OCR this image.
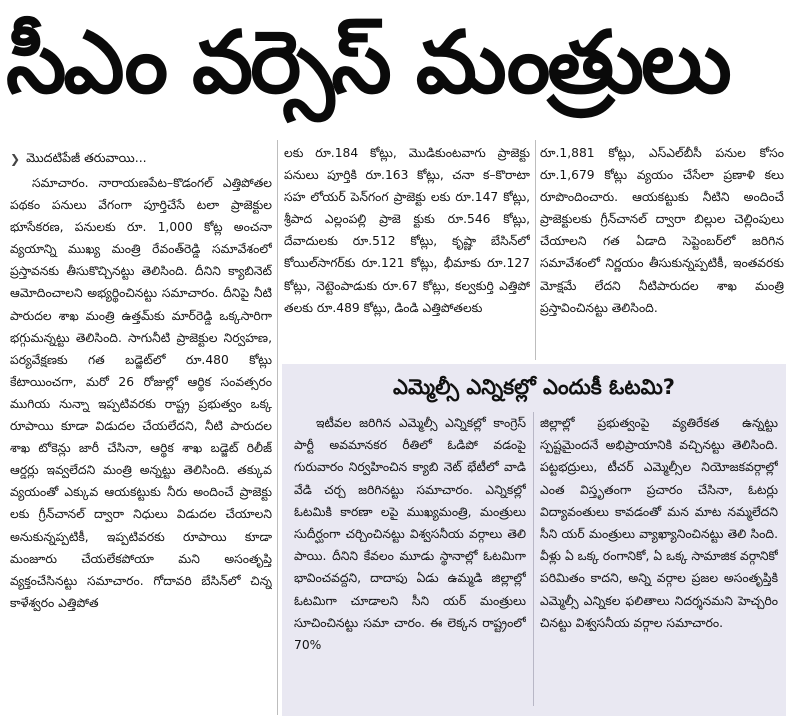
సీఎం వర్సెస్ మంత్రులు
❯ మొదటిపేజీ తరువాయి...

సమాచారం. నారాయణపేట–కొడంగల్ ఎత్తిపోతల పథకం పనులు వేగంగా పూర్తిచేసే టలా ప్రాజెక్టుల భూసేకరణ, పనులకు రూ. 1,000 కోట్ల అంచనా వ్యయాన్ని ముఖ్య మంత్రి రేవంత్‌రెడ్డి సమావేశంలో ప్రస్తావనకు తీసుకొచ్చినట్టు తెలిసింది. దీనిని క్యాబినెట్ ఆమోదించాలని అభ్యర్థించినట్టు సమాచారం. దీనిపై నీటి పారుదల శాఖ మంత్రి ఉత్తమ్‌కు మార్‌రెడ్డి ఒక్కసారిగా భగ్గుమన్నట్టు తెలిసింది. సాగునీటి ప్రాజెక్టుల నిర్వహణ, పర్యవేక్షణకు గత బడ్జెట్‌లో రూ.480 కోట్లు కేటాయించగా, మరో 26 రోజుల్లో ఆర్థిక సంవత్సరం ముగియ నున్నా ఇప్పటివరకు రాష్ట్ర ప్రభుత్వం ఒక్క రూపాయి కూడా విడుదల చేయలేదని, నీటి పారుదల శాఖ టోకెన్లు జారీ చేసినా, ఆర్థిక శాఖ బడ్జెట్ రిలీజ్ ఆర్డర్లు ఇవ్వలేదని మంత్రి అన్నట్టు తెలిసింది. తక్కువ వ్యయంతో ఎక్కువ ఆయకట్టుకు నీరు అందించే ప్రాజెక్టు లకు గ్రీన్‌చానల్ ద్వారా నిధులు విడుదల చేయాలని అనుకున్నప్పటికీ, ఇప్పటివరకు రూపాయి కూడా మంజూరు చేయలేకపోయా మని అసంతృప్తి వ్యక్తంచేసినట్టు సమాచారం. గోదావరి బేసిన్‌లో చిన్న కాళేశ్వరం ఎత్తిపోత

లకు రూ.184 కోట్లు, మొడికుంటవాగు ప్రాజెక్టు పనులు పూర్తికి రూ.163 కోట్లు, చనా క–కొరాటా సహ లోయర్ పెన్‌గంగ ప్రాజెక్టు లకు రూ.147 కోట్లు, శ్రీపాద ఎల్లంపల్లి ప్రాజె క్టుకు రూ.546 కోట్లు, దేవాదులకు రూ.512 కోట్లు, కృష్ణా బేసిన్‌లో కోయిల్‌సాగర్‌కు రూ.121 కోట్లు, భీమాకు రూ.127 కోట్లు, నెట్టెంపాడుకు రూ.67 కోట్లు, కల్వకుర్తి ఎత్తిపో తలకు రూ.489 కోట్లు, డిండి ఎత్తిపోతలకు

రూ.1,881 కోట్లు, ఎస్ఎల్‌బీసీ పనుల కోసం రూ.1,679 కోట్లు వ్యయం చేసేలా ప్రణాళి కలు రూపొందించారు. ఆయకట్టుకు నీటిని అందించే ప్రాజెక్టులకు గ్రీన్‌చానల్ ద్వారా బిల్లుల చెల్లింపులు చేయాలని గత ఏడాది సెప్టెంబర్‌లో జరిగిన సమావేశంలో నిర్ణయం తీసుకున్నప్పటికీ, ఇంతవరకు మోక్షమే లేదని నీటిపారుదల శాఖ మంత్రి ప్రస్తావించినట్టు తెలిసింది.

ఎమ్మెల్సీ ఎన్నికల్లో ఎందుకీ ఓటమి?

ఇటీవల జరిగిన ఎమ్మెల్సీ ఎన్నికల్లో కాంగ్రెస్ పార్టీ అవమానకర రీతిలో ఓడిపో వడంపై గురువారం నిర్వహించిన క్యాబి నెట్ భేటీలో వాడి వేడి చర్చ జరిగినట్టు సమాచారం. ఎన్నికల్లో ఓటమికి కారణా లపై ముఖ్యమంత్రి, మంత్రులు సుదీర్ఘంగా చర్చించినట్టు విశ్వసనీయ వర్గాలు తెలి పాయి. దీనిని కేవలం మూడు స్థానాల్లో ఓటమిగా భావించవద్దని, దాదాపు ఏడు ఉమ్మడి జిల్లాల్లో ఓటమిగా చూడాలని సీని యర్ మంత్రులు సూచించినట్టు సమా చారం. ఈ లెక్కన రాష్ట్రంలో 70%

జిల్లాల్లో ప్రభుత్వంపై వ్యతిరేకత ఉన్నట్టు స్పష్టమైందనే అభిప్రాయానికి వచ్చినట్టు తెలిసింది. పట్టభద్రులు, టీచర్ ఎమ్మెల్సీల నియోజకవర్గాల్లో ఎంత విస్తృతంగా ప్రచారం చేసినా, ఓటర్లు విద్యావంతులు కావడంతో మన మాట నమ్మలేదని సీని యర్ మంత్రులు వ్యాఖ్యానించినట్టు తెలి సింది. వీళ్లు ఏ ఒక్క రంగానికో, ఏ ఒక్క సామాజిక వర్గానికో పరిమితం కాదని, అన్ని వర్గాల ప్రజల అసంతృప్తికి ఎమ్మెల్సీ ఎన్నికల ఫలితాలు నిదర్శనమని హెచ్చరిం చినట్టు విశ్వసనీయ వర్గాల సమాచారం.
